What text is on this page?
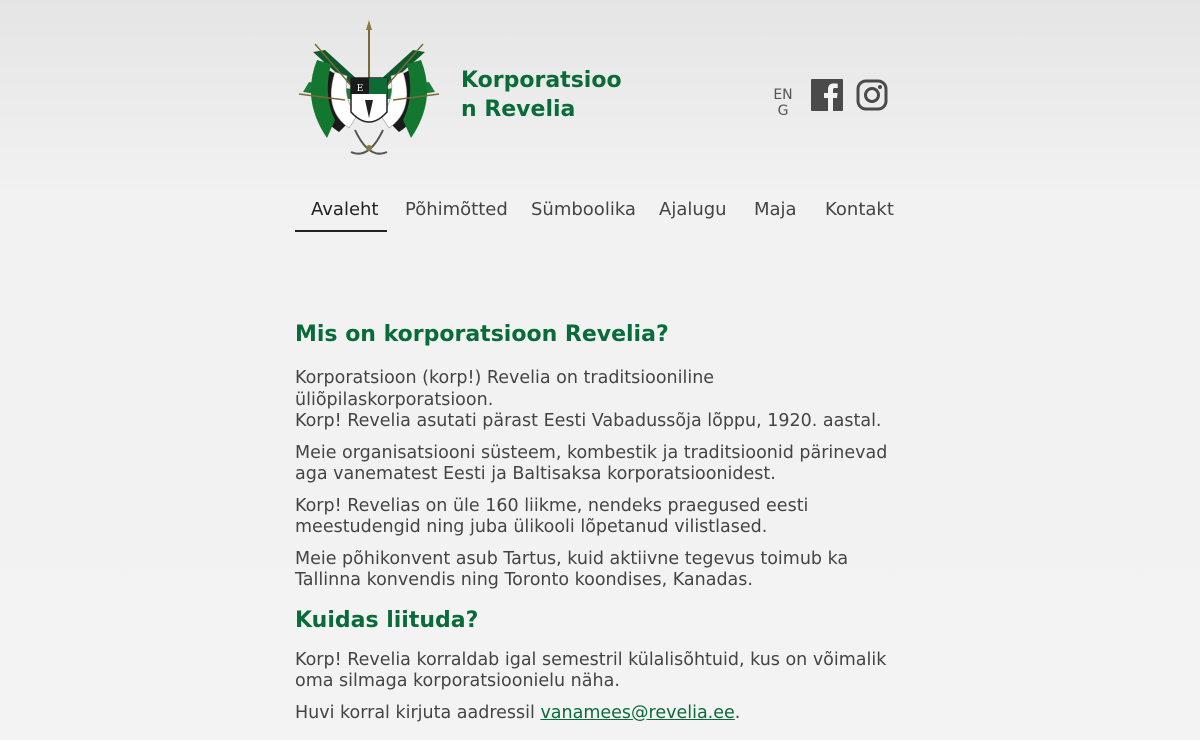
E	Korporatsioon Revelia
ENG
Avaleht Põhimõtted Sümboolika Ajalugu Maja Kontakt
Mis on korporatsioon Revelia?

Korporatsioon (korp!) Revelia on traditsiooniline üliõpilaskorporatsioon.
Korp! Revelia asutati pärast Eesti Vabadussõja lõppu, 1920. aastal.

Meie organisatsiooni süsteem, kombestik ja traditsioonid pärinevad aga vanematest Eesti ja Baltisaksa korporatsioonidest.

Korp! Revelias on üle 160 liikme, nendeks praegused eesti meestudengid ning juba ülikooli lõpetanud vilistlased.

Meie põhikonvent asub Tartus, kuid aktiivne tegevus toimub ka Tallinna konvendis ning Toronto koondises, Kanadas.

Kuidas liituda?

Korp! Revelia korraldab igal semestril külalisõhtuid, kus on võimalik oma silmaga korporatsioonielu näha.

Huvi korral kirjuta aadressil vanamees@revelia.ee.
